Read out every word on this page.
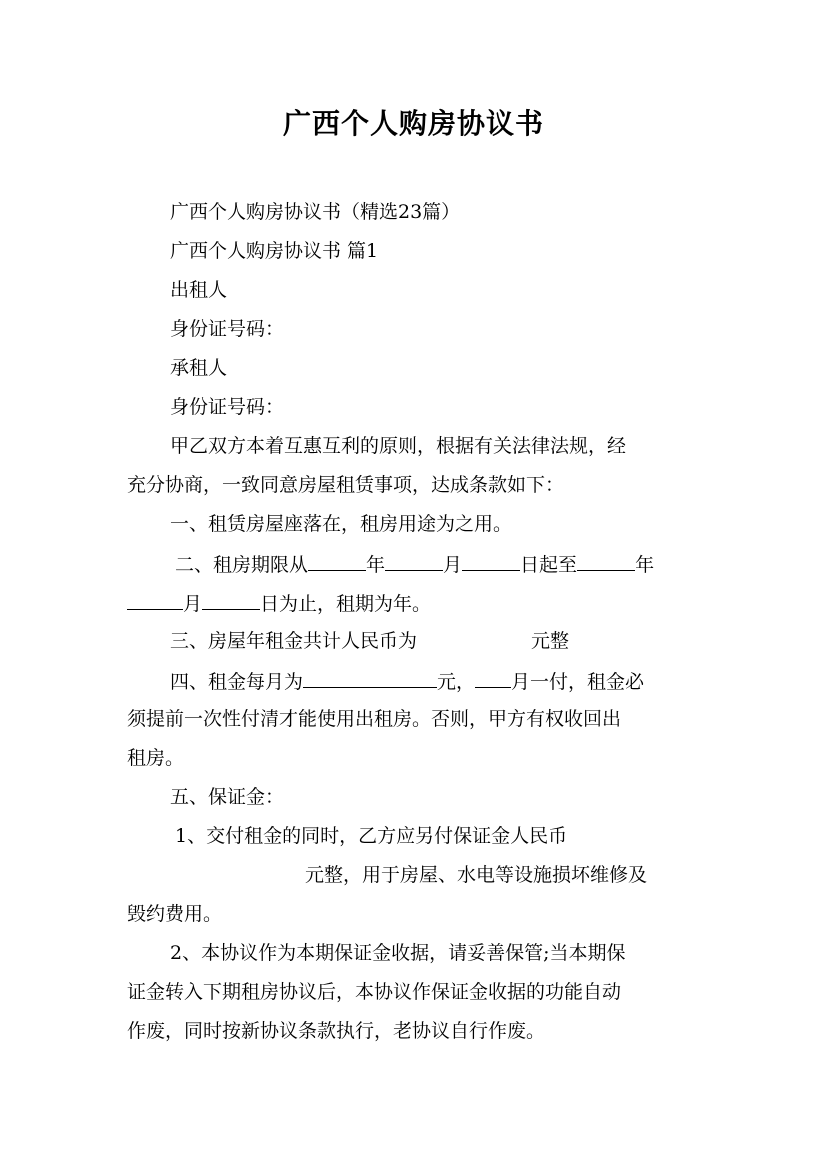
广西个人购房协议书
广西个人购房协议书（精选23篇）
广西个人购房协议书 篇1
出租人
身份证号码：
承租人
身份证号码：
甲乙双方本着互惠互利的原则，根据有关法律法规，经
充分协商，一致同意房屋租赁事项，达成条款如下：
一、租赁房屋座落在，租房用途为之用。
二、租房期限从	年	月	日起至	年
月	日为止，租期为年。
三、房屋年租金共计人民币为	元整
四、租金每月为	元， 月一付，租金必
须提前一次性付清才能使用出租房。否则，甲方有权收回出
租房。
五、保证金：
1、交付租金的同时，乙方应另付保证金人民币
元整，用于房屋、水电等设施损坏维修及
毁约费用。
2、本协议作为本期保证金收据，请妥善保管;当本期保
证金转入下期租房协议后，本协议作保证金收据的功能自动
作废，同时按新协议条款执行，老协议自行作废。
